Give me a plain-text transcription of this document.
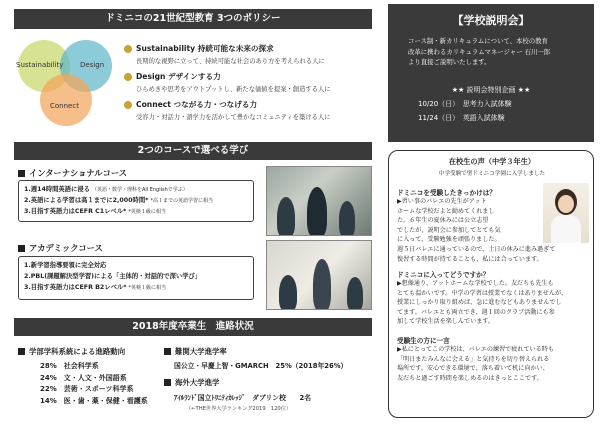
ドミニコの21世紀型教育 3つのポリシー
Sustainability Design
Connect
Sustainability 持続可能な未来の探求
長期的な視野に立って、持続可能な社会のあり方を考えられる人に
Design デザインする力
ひらめきや思考をアウトプットし、新たな価値を提案・創造する人に
Connect つながる力・つなげる力
受容力・対話力・語学力を活かして豊かなコミュニティを築ける人に
2つのコースで選べる学び
インターナショナルコース
1.週14時間英語に浸る （英語・数学・理科をAll Englishで学ぶ）
2.英語による学習は高１までに2,000時間* *高１までの英語学習に相当
3.目指す英語力はCEFR C1レベル* *英検１級に相当
アカデミックコース
1.新学習指導要領に完全対応
2.PBL(課題解決型学習)による「主体的・対話的で深い学び」
3.目指す英語力はCEFR B2レベル* *英検１級に相当
2018年度卒業生　進路状況
学部学科系統による進路動向
28%　 社会科学系
24%　 文・人文・外国語系
22%　 芸術・スポーツ科学系
14%　 医・歯・薬・保健・看護系
難関大学進学率
国公立・早慶上智・GMARCH　25%（2018年26%）
海外大学進学
ｱｲﾙﾗﾝﾄﾞ国立ﾄﾘﾆﾃｨｶﾚｯｼﾞ　ダブリン校　　2名
（←THE世界大学ランキング2019　120位）
【学校説明会】
コース制・新カリキュラムについて、本校の教育
改革に携わるカリキュラムマネージャー 石川一郎
より直接ご説明いたします。
★★ 説明会特別企画 ★★
10/20（日）　 思考力入試体験
11/24（日）　 英語入試体験
在校生の声（中学３年生）
中学受験で聖ドミニコ学園に入学しました
ドミニコを受験したきっかけは？
▶習い事のバレエの先生がアット
ホームな学校だよと勧めてくれまし
た。６年生の夏休みには公立志望
でしたが、説明会に参加してとても気
に入って、受験勉強を頑張りました。
週５日バレエに通っているので、土日の休みに進み過ぎて
復習する時間が持てることも、私には合っています。
ドミニコに入ってどうですか？
▶想像通り、アットホームな学校でした。友だちも先生も
とても温かいです。中学の学習は授業でなくはありませんが、
授業にしっかり取り組めば、急に進むなどもありませんでし
てます。バレエとも両立でき、週１回のクラブ活動にも参
加して学校生活を楽しんでいます。
受験生の方に一言
▶私にとってこの学校は、バレエの練習で疲れている時も
「明日またみんなに会える」と気持ちを切り替えられる
場所です。安心できる環境で、落ち着いて机に向かい、
友だちと過ごす時間を楽しめるのはきっとここです。
